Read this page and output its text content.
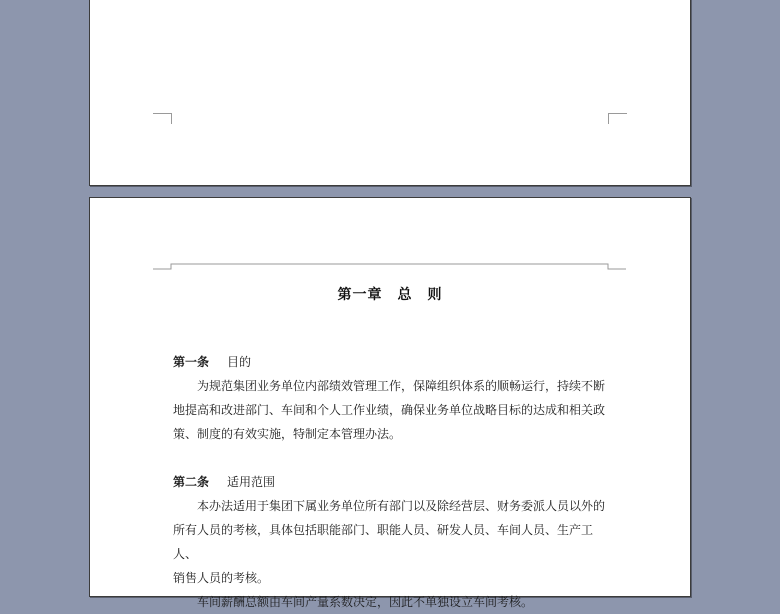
第一章　总　则
第一条 目的

为规范集团业务单位内部绩效管理工作，保障组织体系的顺畅运行，持续不断

地提高和改进部门、车间和个人工作业绩，确保业务单位战略目标的达成和相关政

策、制度的有效实施，特制定本管理办法。

第二条 适用范围

本办法适用于集团下属业务单位所有部门以及除经营层、财务委派人员以外的

所有人员的考核，具体包括职能部门、职能人员、研发人员、车间人员、生产工人、

销售人员的考核。

车间薪酬总额由车间产量系数决定，因此不单独设立车间考核。
